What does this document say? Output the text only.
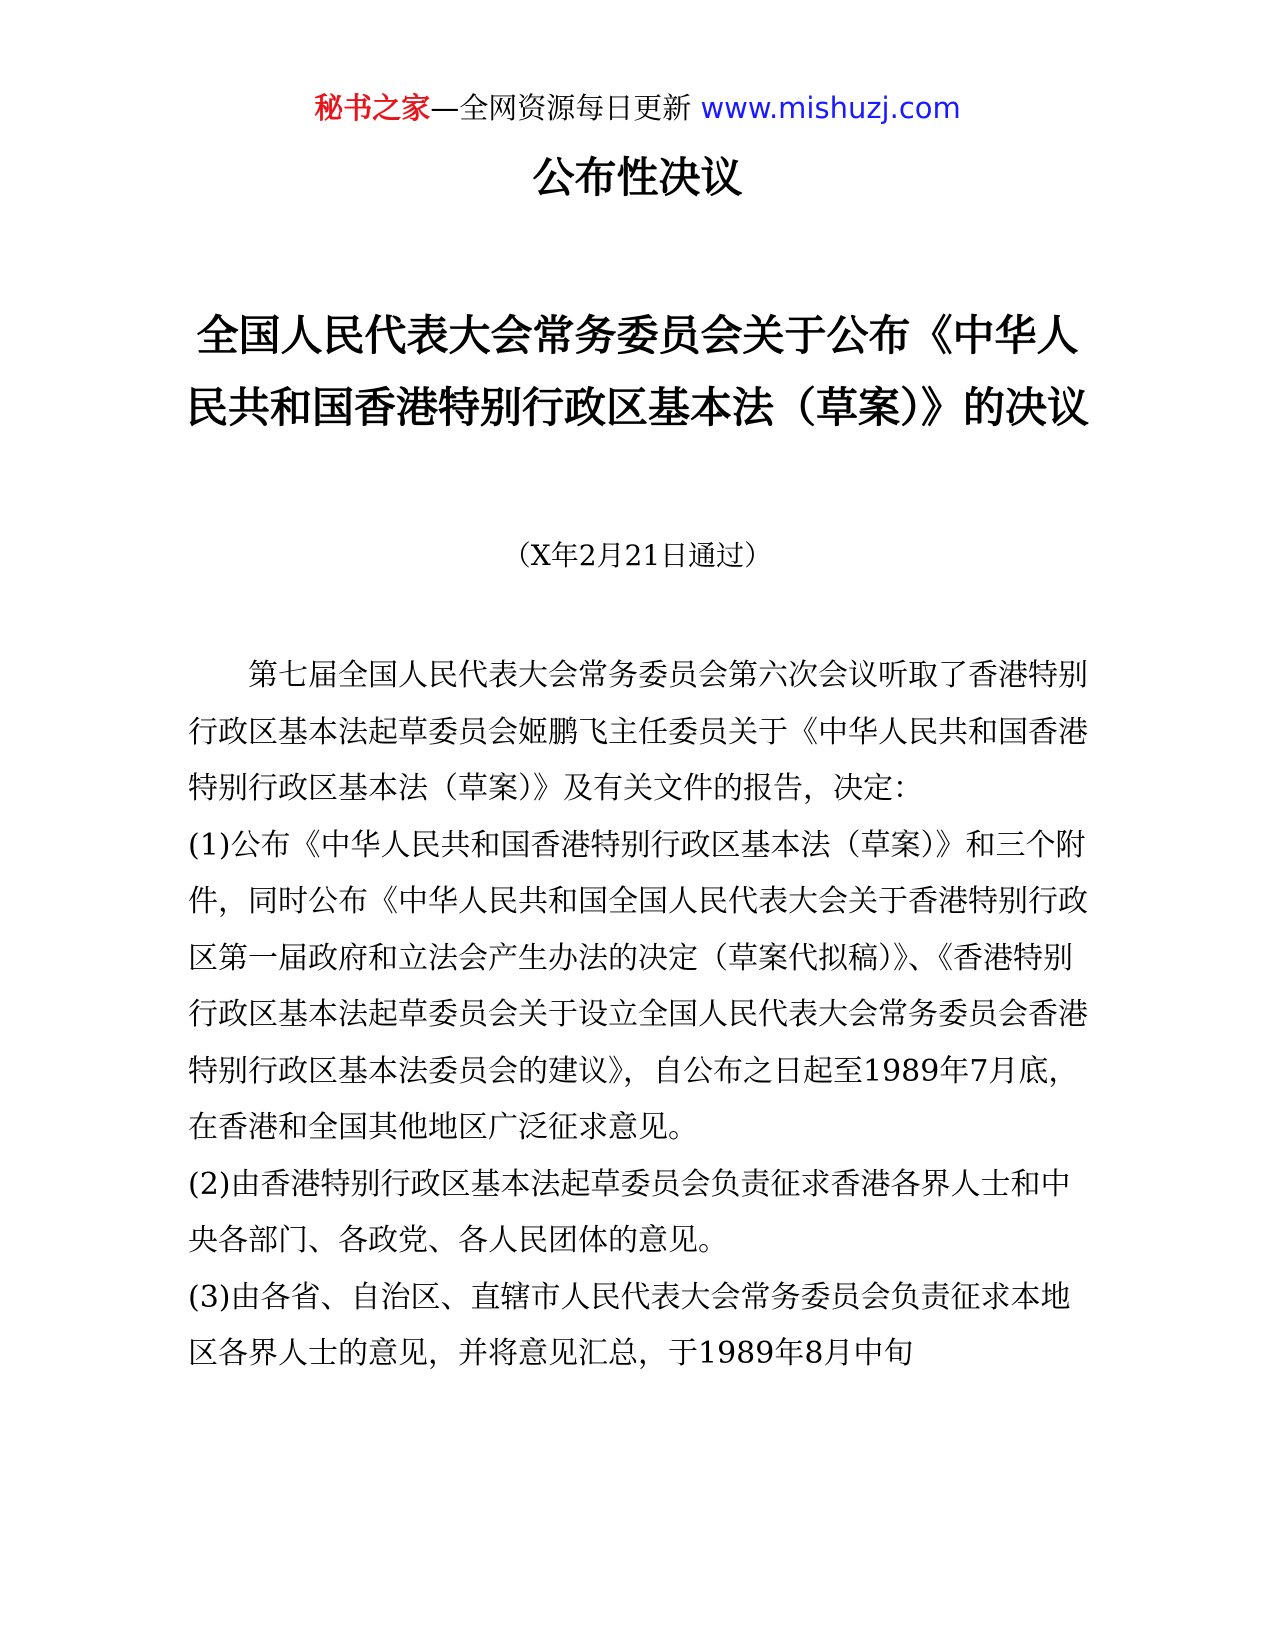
秘书之家—全网资源每日更新 www.mishuzj.com
公布性决议
全国人民代表大会常务委员会关于公布《中华人民共和国香港特别行政区基本法（草案）》的决议
（X年2月21日通过）

第七届全国人民代表大会常务委员会第六次会议听取了香港特别行政区基本法起草委员会姬鹏飞主任委员关于《中华人民共和国香港特别行政区基本法（草案）》及有关文件的报告，决定：

(1)公布《中华人民共和国香港特别行政区基本法（草案）》和三个附件，同时公布《中华人民共和国全国人民代表大会关于香港特别行政区第一届政府和立法会产生办法的决定（草案代拟稿）》、《香港特别行政区基本法起草委员会关于设立全国人民代表大会常务委员会香港特别行政区基本法委员会的建议》，自公布之日起至1989年7月底，在香港和全国其他地区广泛征求意见。

(2)由香港特别行政区基本法起草委员会负责征求香港各界人士和中央各部门、各政党、各人民团体的意见。

(3)由各省、自治区、直辖市人民代表大会常务委员会负责征求本地区各界人士的意见，并将意见汇总，于1989年8月中旬
